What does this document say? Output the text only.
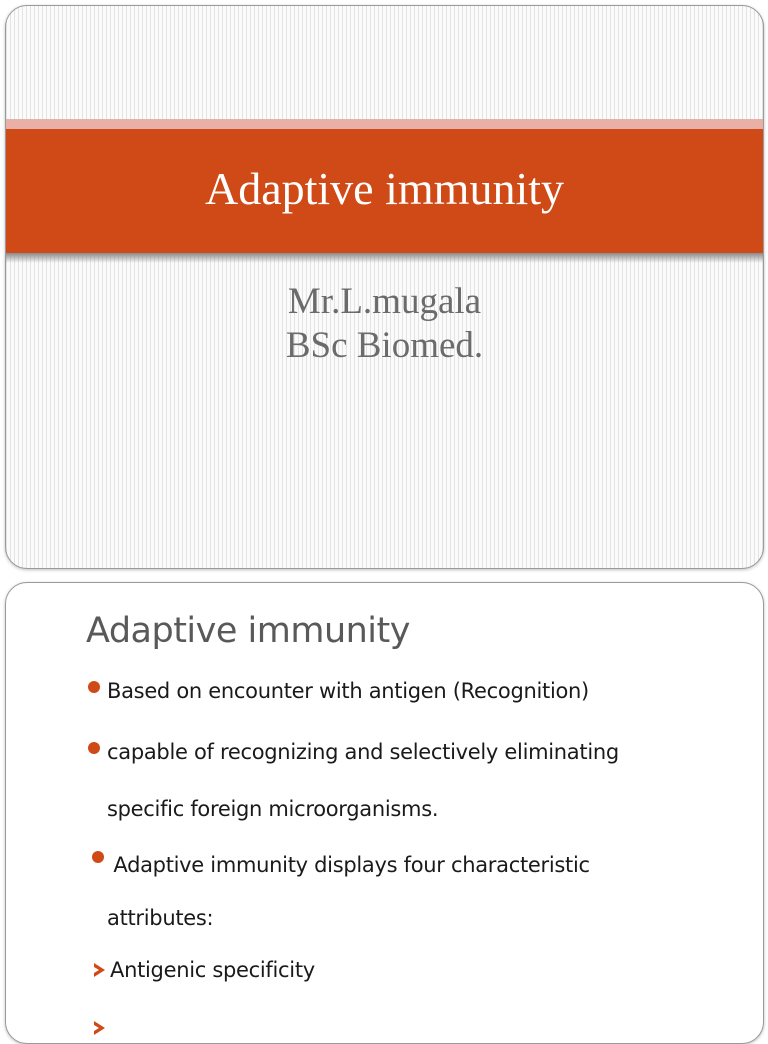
Adaptive immunity
Mr.L.mugala
BSc Biomed.
Adaptive immunity
Based on encounter with antigen (Recognition)
capable of recognizing and selectively eliminating
specific foreign microorganisms.
Adaptive immunity displays four characteristic
attributes:
Antigenic specificity
